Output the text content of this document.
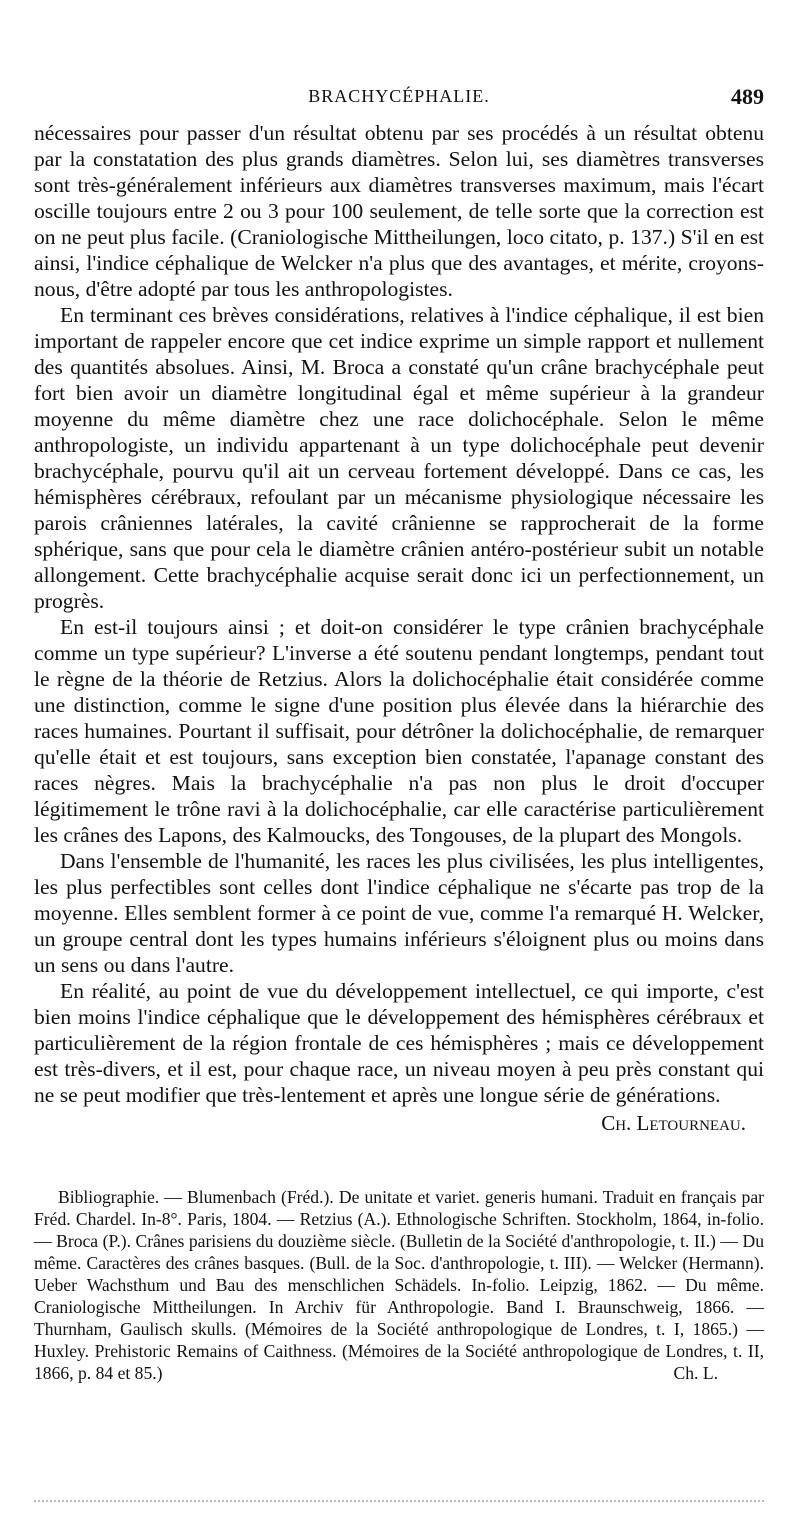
BRACHYCÉPHALIE.	489

nécessaires pour passer d'un résultat obtenu par ses procédés à un résultat obtenu par la constatation des plus grands diamètres. Selon lui, ses diamètres transverses sont très-généralement inférieurs aux diamètres transverses maximum, mais l'écart oscille toujours entre 2 ou 3 pour 100 seulement, de telle sorte que la correction est on ne peut plus facile. (Craniologische Mittheilungen, loco citato, p. 137.) S'il en est ainsi, l'indice céphalique de Welcker n'a plus que des avantages, et mérite, croyons-nous, d'être adopté par tous les anthropologistes.

En terminant ces brèves considérations, relatives à l'indice céphalique, il est bien important de rappeler encore que cet indice exprime un simple rapport et nullement des quantités absolues. Ainsi, M. Broca a constaté qu'un crâne brachycéphale peut fort bien avoir un diamètre longitudinal égal et même supérieur à la grandeur moyenne du même diamètre chez une race dolichocéphale. Selon le même anthropologiste, un individu appartenant à un type dolichocéphale peut devenir brachycéphale, pourvu qu'il ait un cerveau fortement développé. Dans ce cas, les hémisphères cérébraux, refoulant par un mécanisme physiologique nécessaire les parois crâniennes latérales, la cavité crânienne se rapprocherait de la forme sphérique, sans que pour cela le diamètre crânien antéro-postérieur subit un notable allongement. Cette brachycéphalie acquise serait donc ici un perfectionnement, un progrès.

En est-il toujours ainsi ; et doit-on considérer le type crânien brachycéphale comme un type supérieur? L'inverse a été soutenu pendant longtemps, pendant tout le règne de la théorie de Retzius. Alors la dolichocéphalie était considérée comme une distinction, comme le signe d'une position plus élevée dans la hiérarchie des races humaines. Pourtant il suffisait, pour détrôner la dolichocéphalie, de remarquer qu'elle était et est toujours, sans exception bien constatée, l'apanage constant des races nègres. Mais la brachycéphalie n'a pas non plus le droit d'occuper légitimement le trône ravi à la dolichocéphalie, car elle caractérise particulièrement les crânes des Lapons, des Kalmoucks, des Tongouses, de la plupart des Mongols.

Dans l'ensemble de l'humanité, les races les plus civilisées, les plus intelligentes, les plus perfectibles sont celles dont l'indice céphalique ne s'écarte pas trop de la moyenne. Elles semblent former à ce point de vue, comme l'a remarqué H. Welcker, un groupe central dont les types humains inférieurs s'éloignent plus ou moins dans un sens ou dans l'autre.

En réalité, au point de vue du développement intellectuel, ce qui importe, c'est bien moins l'indice céphalique que le développement des hémisphères cérébraux et particulièrement de la région frontale de ces hémisphères ; mais ce développement est très-divers, et il est, pour chaque race, un niveau moyen à peu près constant qui ne se peut modifier que très-lentement et après une longue série de générations.

Ch. Letourneau.

Bibliographie. — Blumenbach (Fréd.). De unitate et variet. generis humani. Traduit en français par Fréd. Chardel. In-8°. Paris, 1804. — Retzius (A.). Ethnologische Schriften. Stockholm, 1864, in-folio. — Broca (P.). Crânes parisiens du douzième siècle. (Bulletin de la Société d'anthropologie, t. II.) — Du même. Caractères des crânes basques. (Bull. de la Soc. d'anthropologie, t. III). — Welcker (Hermann). Ueber Wachsthum und Bau des menschlichen Schädels. In-folio. Leipzig, 1862. — Du même. Craniologische Mittheilungen. In Archiv für Anthropologie. Band I. Braunschweig, 1866. — Thurnham, Gaulisch skulls. (Mémoires de la Société anthropologique de Londres, t. I, 1865.) — Huxley. Prehistoric Remains of Caithness. (Mémoires de la Société anthropologique de Londres, t. II, 1866, p. 84 et 85.)	Ch. L.
